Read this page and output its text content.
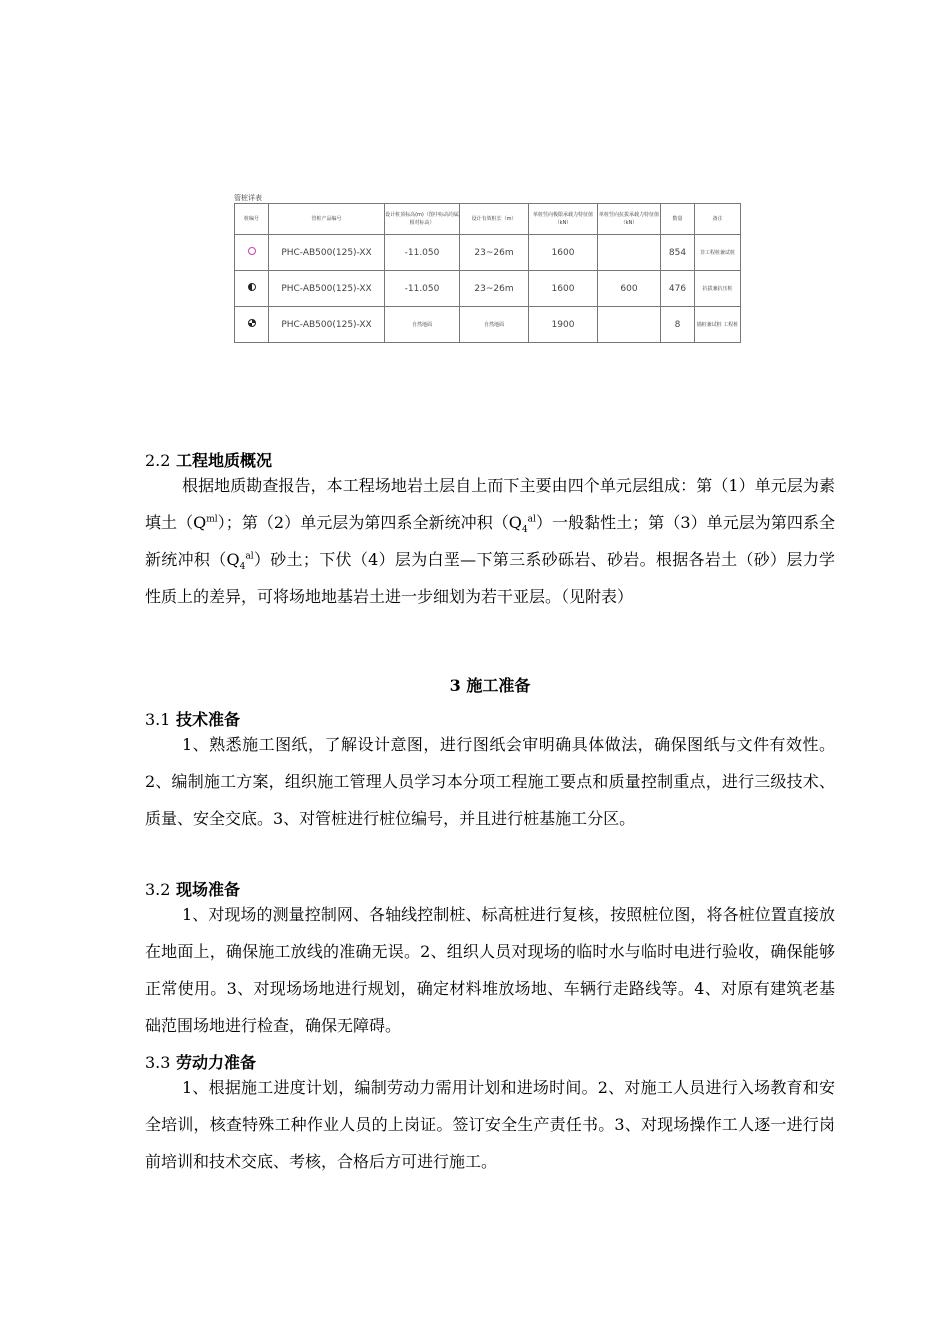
管桩详表
桩编号	管桩产品编号	设计桩顶标高(m)（图中标高均属相对标高）	设计有效桩长（m）	单桩竖向极限承载力特征值（kN）	单桩竖向抗拔承载力特征值（kN）	数量	备注
	PHC-AB500(125)-XX	-11.050	23~26m	1600		854	非工程桩兼试桩
	PHC-AB500(125)-XX	-11.050	23~26m	1600	600	476	抗拔兼抗压桩
	PHC-AB500(125)-XX	自然地面	自然地面	1900		8	锚桩兼试桩 工程桩
2.2 工程地质概况
根据地质勘查报告，本工程场地岩土层自上而下主要由四个单元层组成：第（1）单元层为素填土$(Q^{ml})$；第（2）单元层为第四系全新统冲积$(Q_4^{al})$一般黏性土；第（3）单元层为第四系全新统冲积$(Q_4^{al})$砂土；下伏（4）层为白垩—下第三系砂砾岩、砂岩。根据各岩土（砂）层力学性质上的差异，可将场地地基岩土进一步细划为若干亚层。（见附表）
3 施工准备
3.1 技术准备
1、熟悉施工图纸，了解设计意图，进行图纸会审明确具体做法，确保图纸与文件有效性。2、编制施工方案，组织施工管理人员学习本分项工程施工要点和质量控制重点，进行三级技术、质量、安全交底。3、对管桩进行桩位编号，并且进行桩基施工分区。
3.2 现场准备
1、对现场的测量控制网、各轴线控制桩、标高桩进行复核，按照桩位图，将各桩位置直接放在地面上，确保施工放线的准确无误。2、组织人员对现场的临时水与临时电进行验收，确保能够正常使用。3、对现场场地进行规划，确定材料堆放场地、车辆行走路线等。4、对原有建筑老基础范围场地进行检查，确保无障碍。
3.3 劳动力准备
1、根据施工进度计划，编制劳动力需用计划和进场时间。2、对施工人员进行入场教育和安全培训，核查特殊工种作业人员的上岗证。签订安全生产责任书。3、对现场操作工人逐一进行岗前培训和技术交底、考核，合格后方可进行施工。
